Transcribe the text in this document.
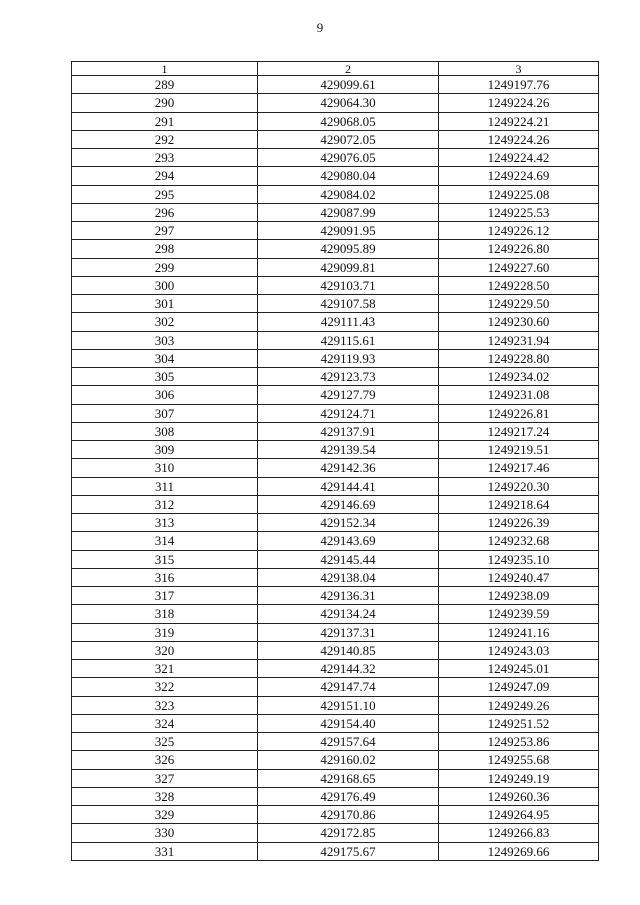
9
1	2	3
289	429099.61	1249197.76
290	429064.30	1249224.26
291	429068.05	1249224.21
292	429072.05	1249224.26
293	429076.05	1249224.42
294	429080.04	1249224.69
295	429084.02	1249225.08
296	429087.99	1249225.53
297	429091.95	1249226.12
298	429095.89	1249226.80
299	429099.81	1249227.60
300	429103.71	1249228.50
301	429107.58	1249229.50
302	429111.43	1249230.60
303	429115.61	1249231.94
304	429119.93	1249228.80
305	429123.73	1249234.02
306	429127.79	1249231.08
307	429124.71	1249226.81
308	429137.91	1249217.24
309	429139.54	1249219.51
310	429142.36	1249217.46
311	429144.41	1249220.30
312	429146.69	1249218.64
313	429152.34	1249226.39
314	429143.69	1249232.68
315	429145.44	1249235.10
316	429138.04	1249240.47
317	429136.31	1249238.09
318	429134.24	1249239.59
319	429137.31	1249241.16
320	429140.85	1249243.03
321	429144.32	1249245.01
322	429147.74	1249247.09
323	429151.10	1249249.26
324	429154.40	1249251.52
325	429157.64	1249253.86
326	429160.02	1249255.68
327	429168.65	1249249.19
328	429176.49	1249260.36
329	429170.86	1249264.95
330	429172.85	1249266.83
331	429175.67	1249269.66
